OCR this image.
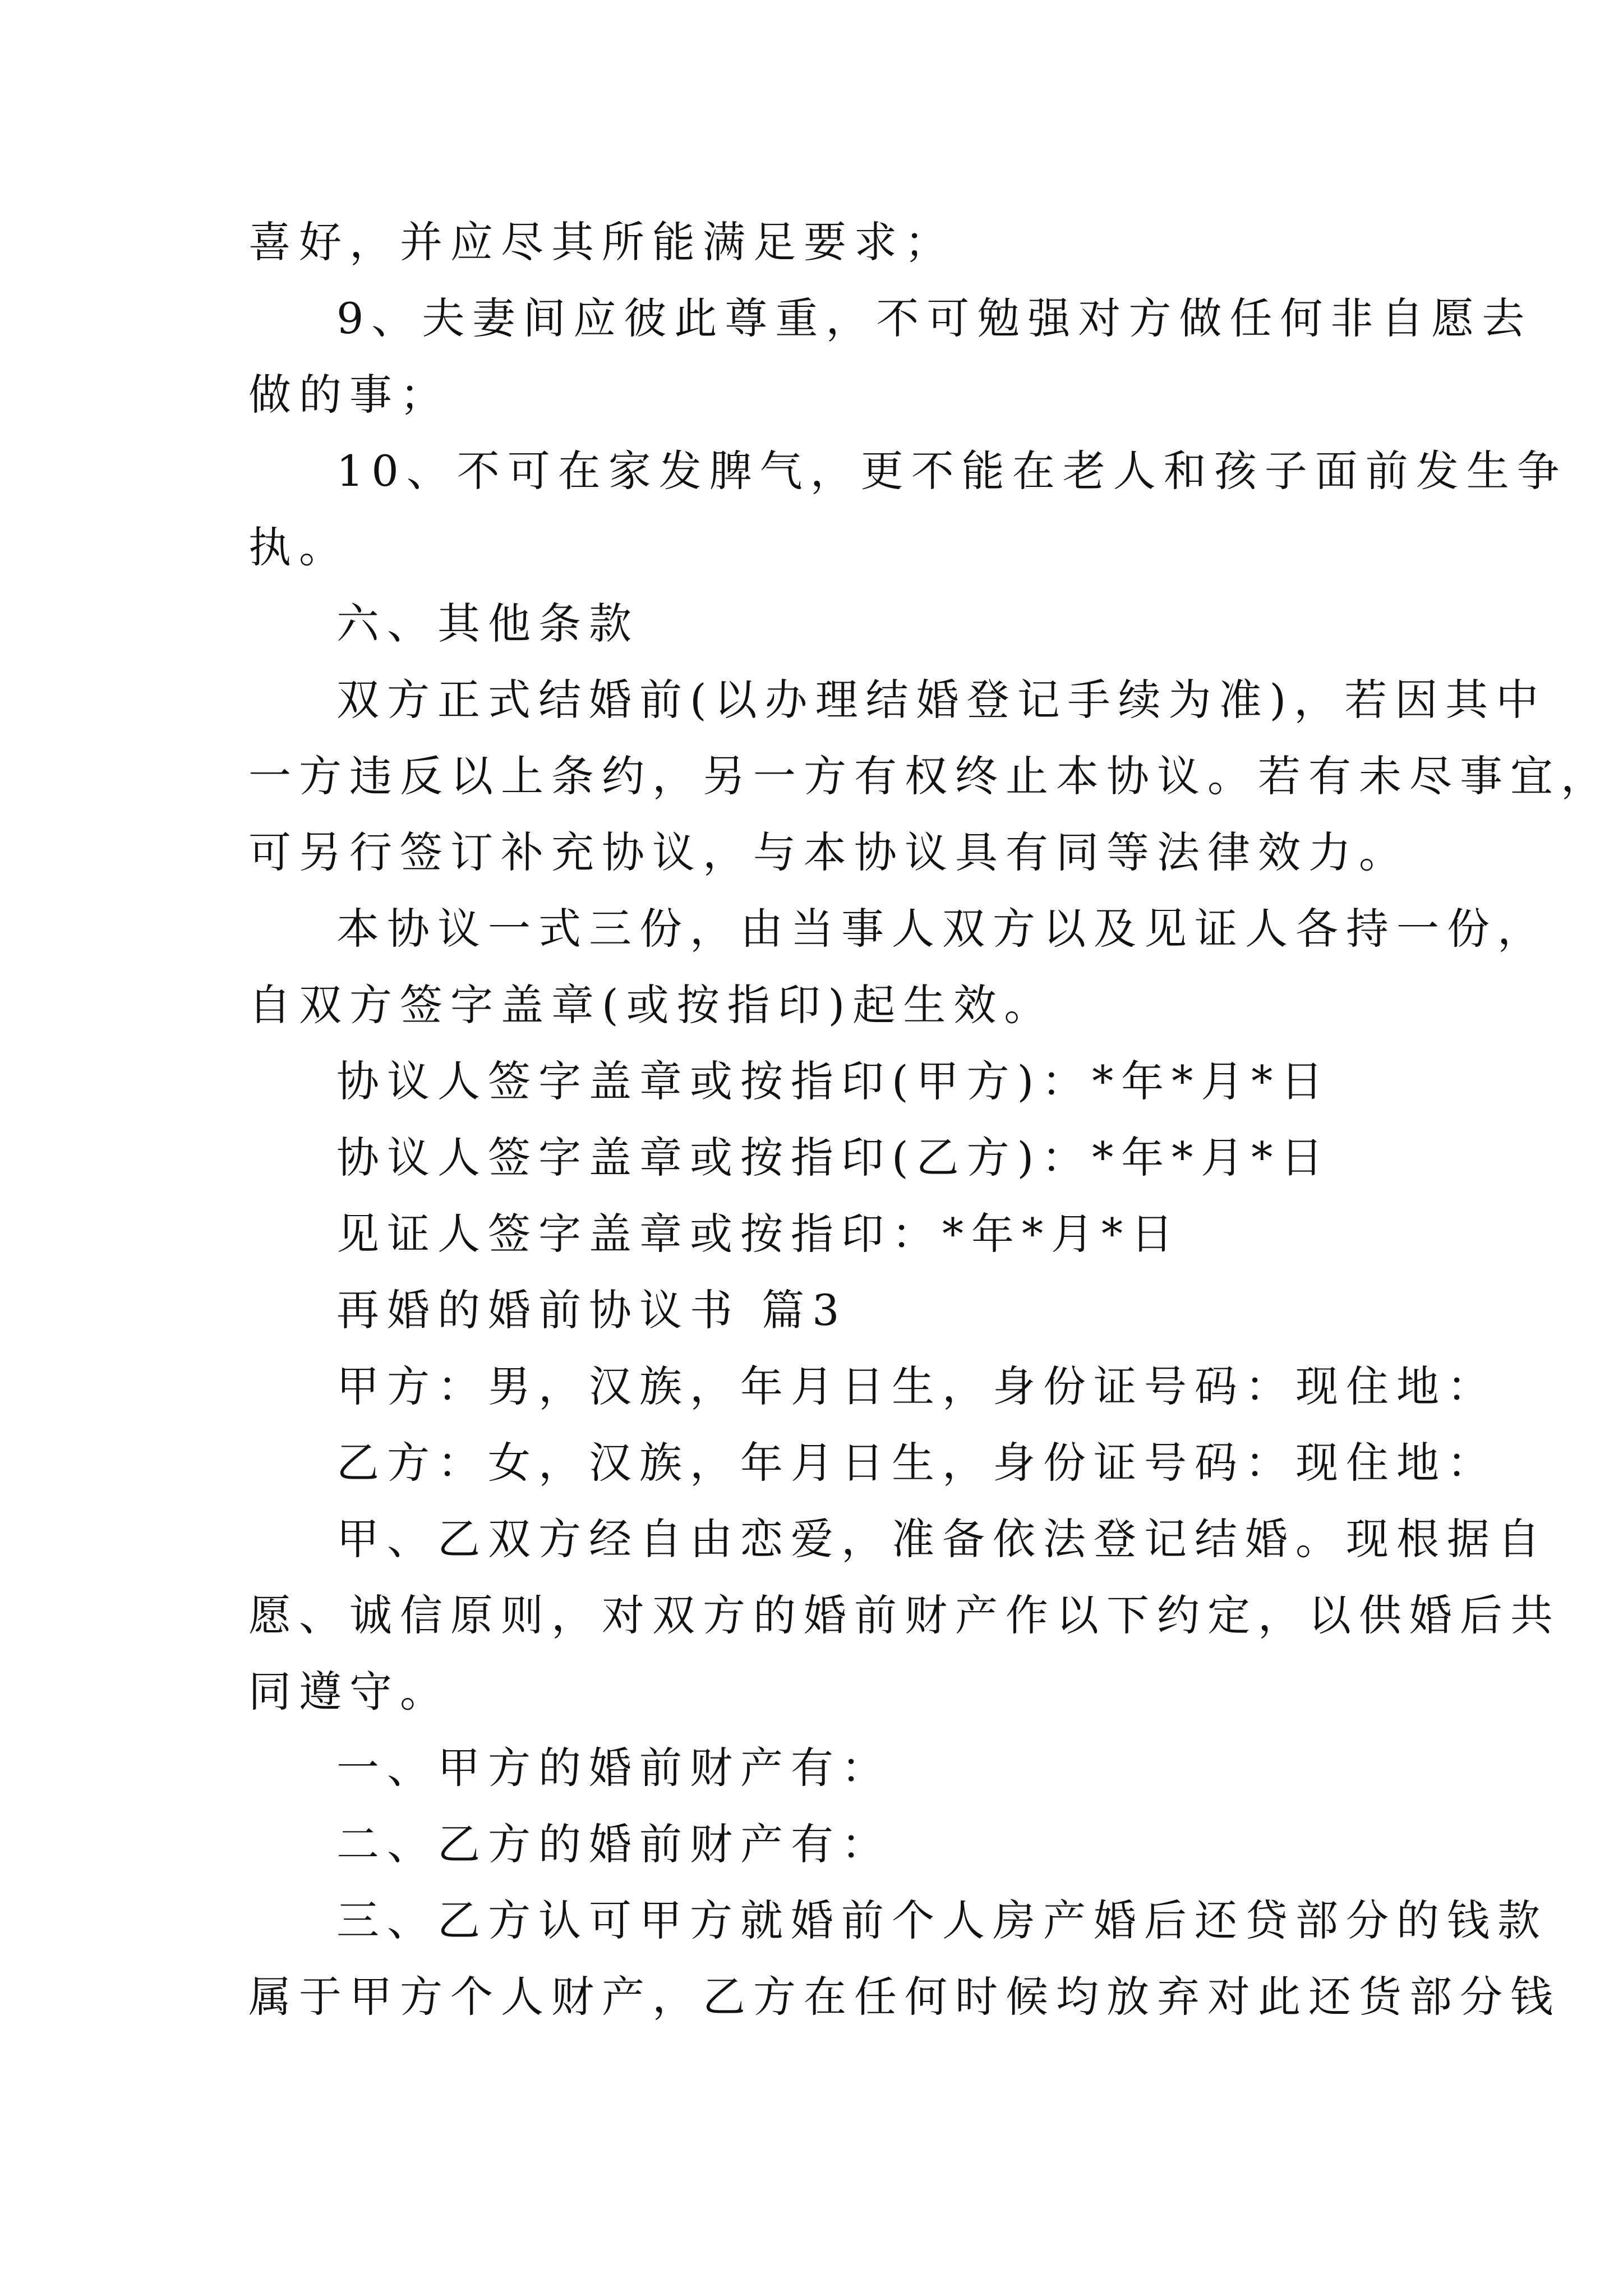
喜好，并应尽其所能满足要求；
9、夫妻间应彼此尊重，不可勉强对方做任何非自愿去
做的事；
10、不可在家发脾气，更不能在老人和孩子面前发生争
执。
六、其他条款
双方正式结婚前(以办理结婚登记手续为准)，若因其中
一方违反以上条约，另一方有权终止本协议。若有未尽事宜，
可另行签订补充协议，与本协议具有同等法律效力。
本协议一式三份，由当事人双方以及见证人各持一份，
自双方签字盖章(或按指印)起生效。
协议人签字盖章或按指印(甲方)：*年*月*日
协议人签字盖章或按指印(乙方)：*年*月*日
见证人签字盖章或按指印：*年*月*日
再婚的婚前协议书 篇3
甲方：男，汉族，年月日生，身份证号码：现住地：
乙方：女，汉族，年月日生，身份证号码：现住地：
甲、乙双方经自由恋爱，准备依法登记结婚。现根据自
愿、诚信原则，对双方的婚前财产作以下约定，以供婚后共
同遵守。
一、甲方的婚前财产有：
二、乙方的婚前财产有：
三、乙方认可甲方就婚前个人房产婚后还贷部分的钱款
属于甲方个人财产，乙方在任何时候均放弃对此还货部分钱
